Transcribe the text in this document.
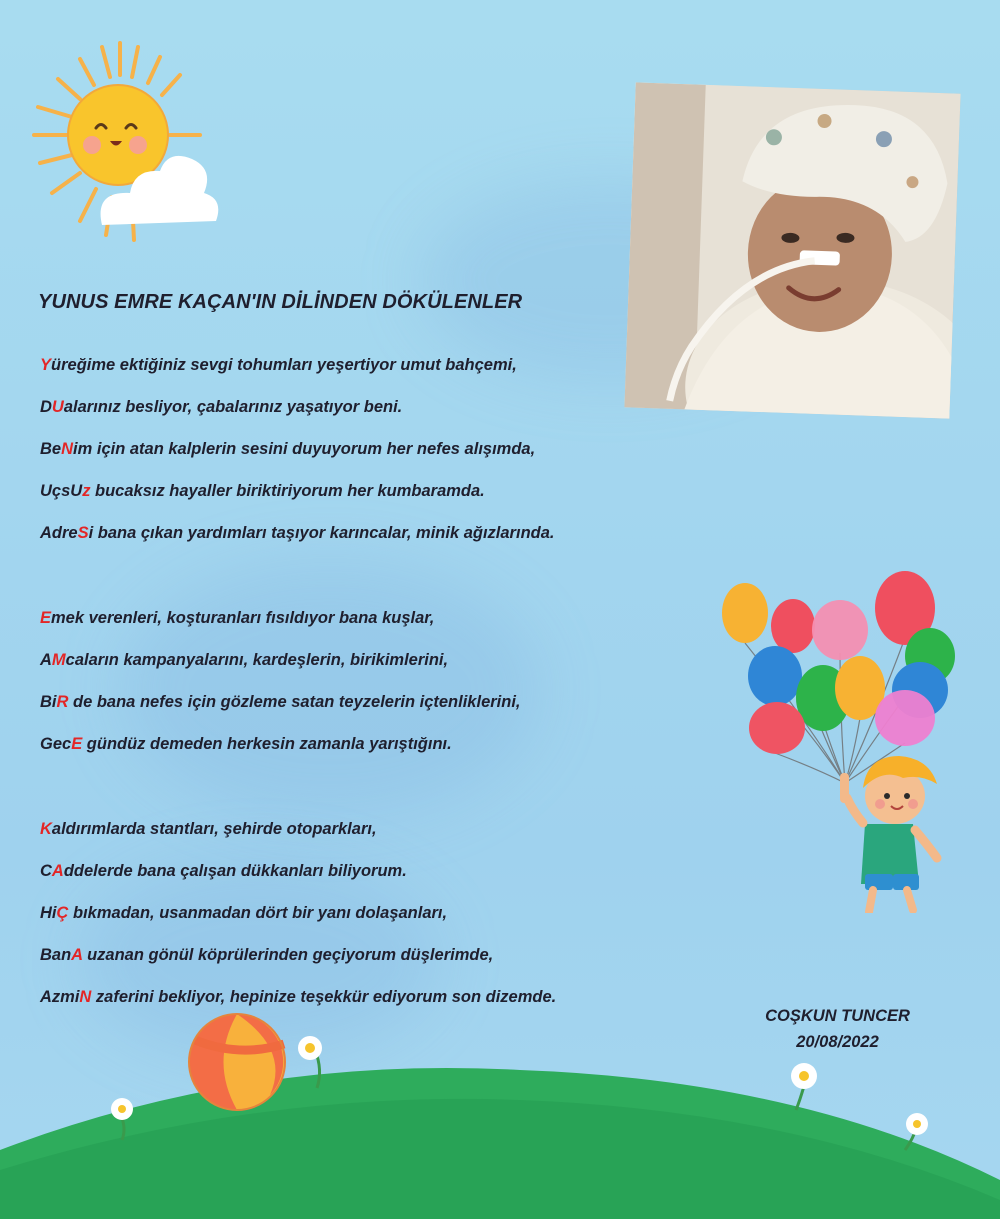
YUNUS EMRE KAÇAN'IN DİLİNDEN DÖKÜLENLER
Yüreğime ektiğiniz sevgi tohumları yeşertiyor umut bahçemi,
DUalarınız besliyor, çabalarınız yaşatıyor beni.
BeNim için atan kalplerin sesini duyuyorum her nefes alışımda,
UçsUz bucaksız hayaller biriktiriyorum her kumbaramda.
AdreSi bana çıkan yardımları taşıyor karıncalar, minik ağızlarında.
Emek verenleri, koşturanları fısıldıyor bana kuşlar,
AMcaların kampanyalarını, kardeşlerin, birikimlerini,
BiR de bana nefes için gözleme satan teyzelerin içtenliklerini,
GecE gündüz demeden herkesin zamanla yarıştığını.
Kaldırımlarda stantları, şehirde otoparkları,
CAddelerde bana çalışan dükkanları biliyorum.
HiÇ bıkmadan, usanmadan dört bir yanı dolaşanları,
BanA uzanan gönül köprülerinden geçiyorum düşlerimde,
AzmiN zaferini bekliyor, hepinize teşekkür ediyorum son dizemde.
COŞKUN TUNCER
20/08/2022
